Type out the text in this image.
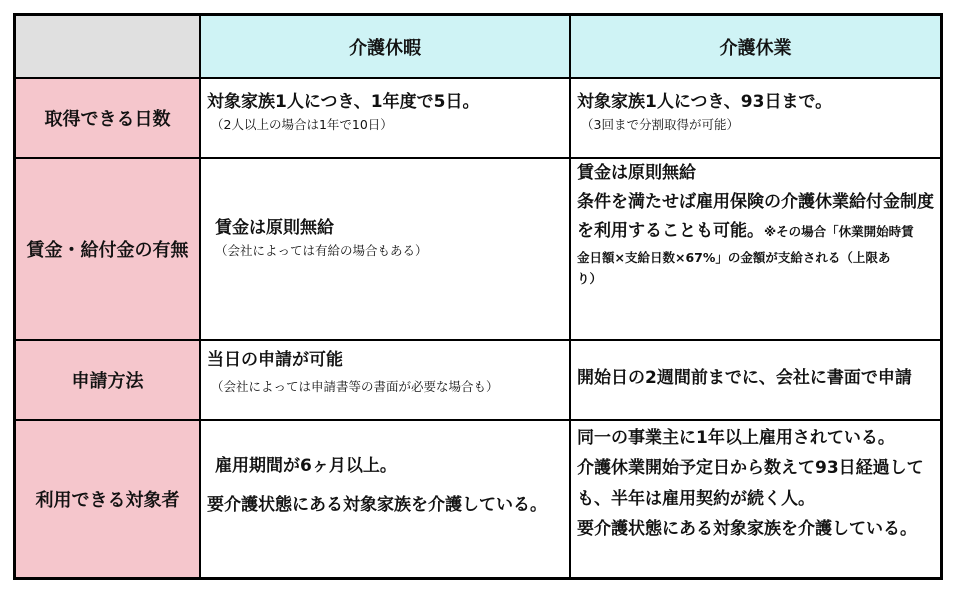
介護休暇	介護休業
取得できる日数
対象家族1人につき、1年度で5日。
（2人以上の場合は1年で10日）
対象家族1人につき、93日まで。
（3回まで分割取得が可能）
賃金・給付金の有無
賃金は原則無給
（会社によっては有給の場合もある）
賃金は原則無給
条件を満たせば雇用保険の介護休業給付金制度
を利用することも可能。※その場合「休業開始時賃
金日額×支給日数×67%」の金額が支給される（上限あ
り）
申請方法
当日の申請が可能
（会社によっては申請書等の書面が必要な場合も）	開始日の2週間前までに、会社に書面で申請
利用できる対象者
雇用期間が6ヶ月以上。
要介護状態にある対象家族を介護している。
同一の事業主に1年以上雇用されている。
介護休業開始予定日から数えて93日経過して
も、半年は雇用契約が続く人。
要介護状態にある対象家族を介護している。
